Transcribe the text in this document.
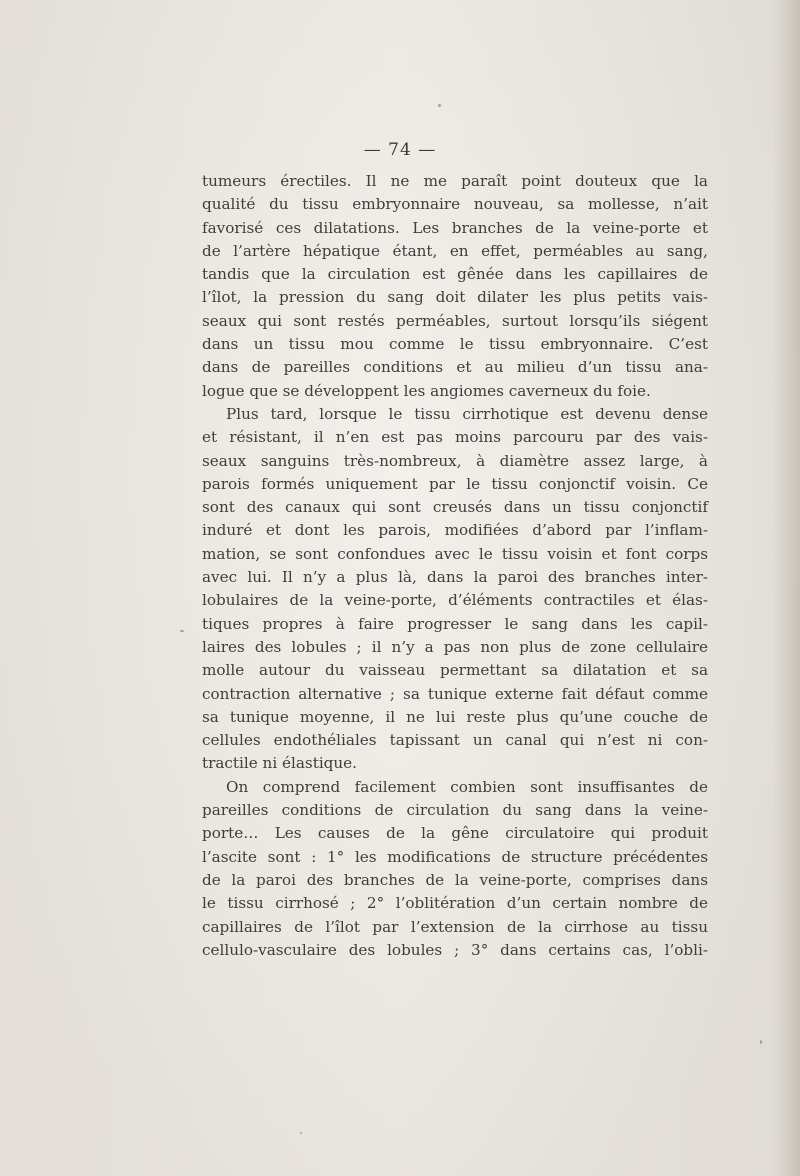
— 74 —
tumeurs érectiles. Il ne me paraît point douteux que la
qualité du tissu embryonnaire nouveau, sa mollesse, n’ait
favorisé ces dilatations. Les branches de la veine-porte et
de l’artère hépatique étant, en effet, perméables au sang,
tandis que la circulation est gênée dans les capillaires de
l’îlot, la pression du sang doit dilater les plus petits vais-
seaux qui sont restés perméables, surtout lorsqu’ils siégent
dans un tissu mou comme le tissu embryonnaire. C’est
dans de pareilles conditions et au milieu d’un tissu ana-
logue que se développent les angiomes caverneux du foie.
Plus tard, lorsque le tissu cirrhotique est devenu dense
et résistant, il n’en est pas moins parcouru par des vais-
seaux sanguins très-nombreux, à diamètre assez large, à
parois formés uniquement par le tissu conjonctif voisin. Ce
sont des canaux qui sont creusés dans un tissu conjonctif
induré et dont les parois, modifiées d’abord par l’inflam-
mation, se sont confondues avec le tissu voisin et font corps
avec lui. Il n’y a plus là, dans la paroi des branches inter-
lobulaires de la veine-porte, d’éléments contractiles et élas-
tiques propres à faire progresser le sang dans les capil-
laires des lobules ; il n’y a pas non plus de zone cellulaire
molle autour du vaisseau permettant sa dilatation et sa
contraction alternative ; sa tunique externe fait défaut comme
sa tunique moyenne, il ne lui reste plus qu’une couche de
cellules endothéliales tapissant un canal qui n’est ni con-
tractile ni élastique.
On comprend facilement combien sont insuffisantes de
pareilles conditions de circulation du sang dans la veine-
porte… Les causes de la gêne circulatoire qui produit
l’ascite sont : 1° les modifications de structure précédentes
de la paroi des branches de la veine-porte, comprises dans
le tissu cirrhosé ; 2° l’oblitération d’un certain nombre de
capillaires de l’îlot par l’extension de la cirrhose au tissu
cellulo-vasculaire des lobules ; 3° dans certains cas, l’obli-
